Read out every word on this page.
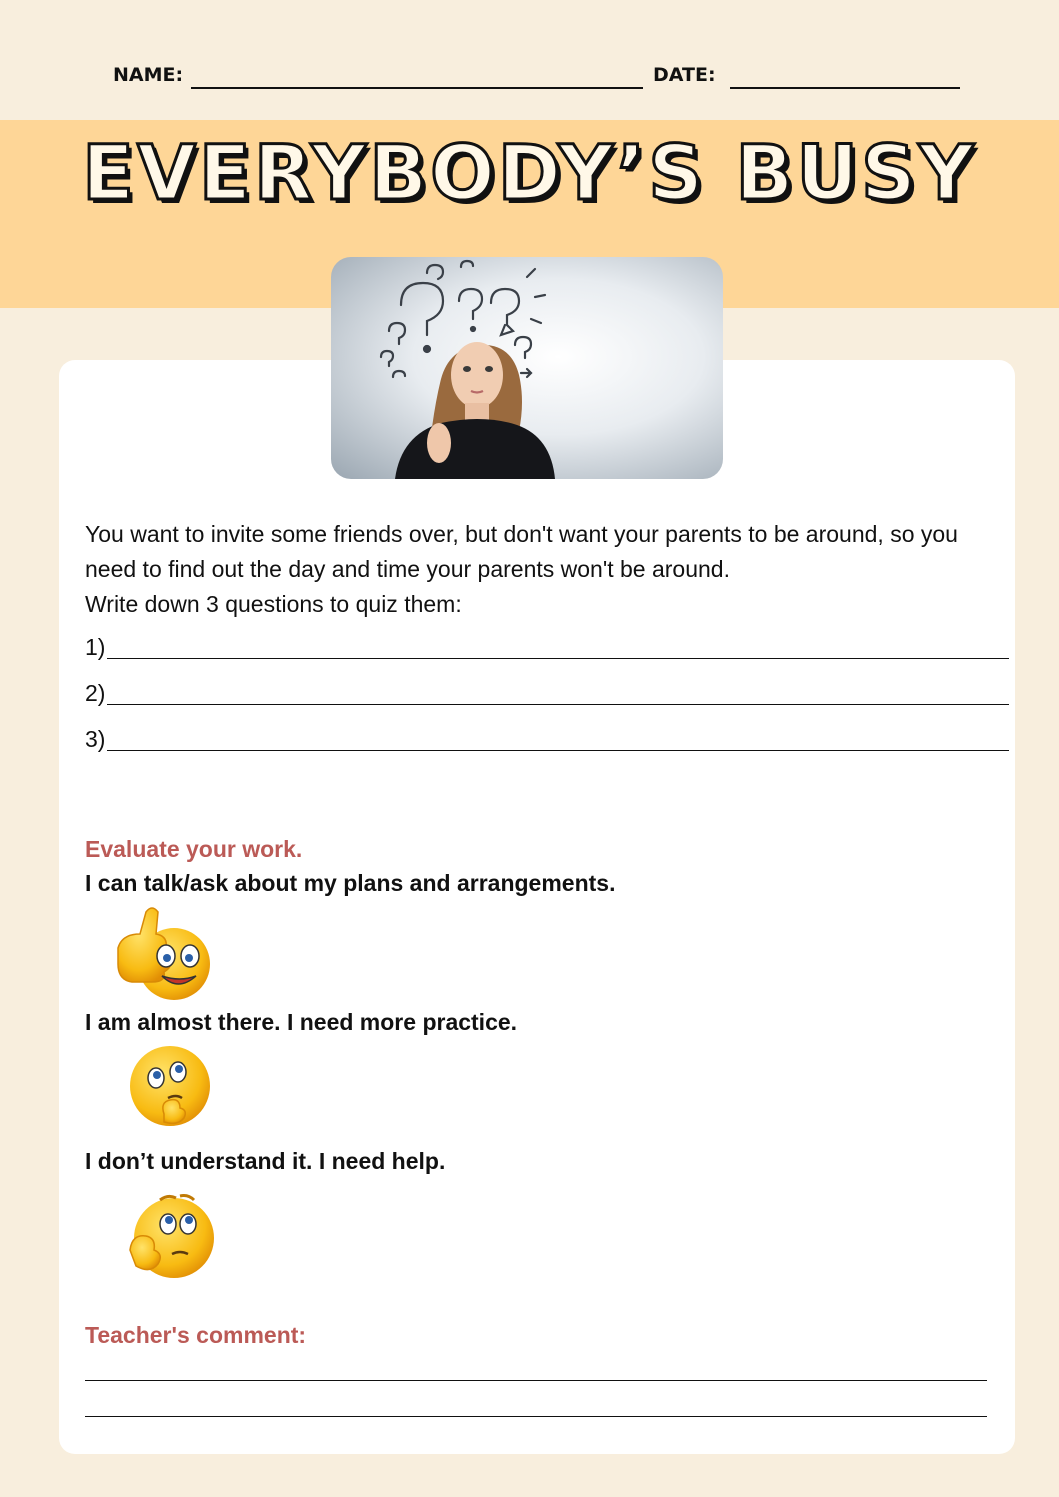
NAME:	DATE:
EVERYBODY’S BUSY

You want to invite some friends over, but don't want your parents to be around, so you need to find out the day and time your parents won't be around.

Write down 3 questions to quiz them:

1)
2)
3)
Evaluate your work.
I can talk/ask about my plans and arrangements.
I am almost there. I need more practice.
I don’t understand it. I need help.
Teacher's comment:
